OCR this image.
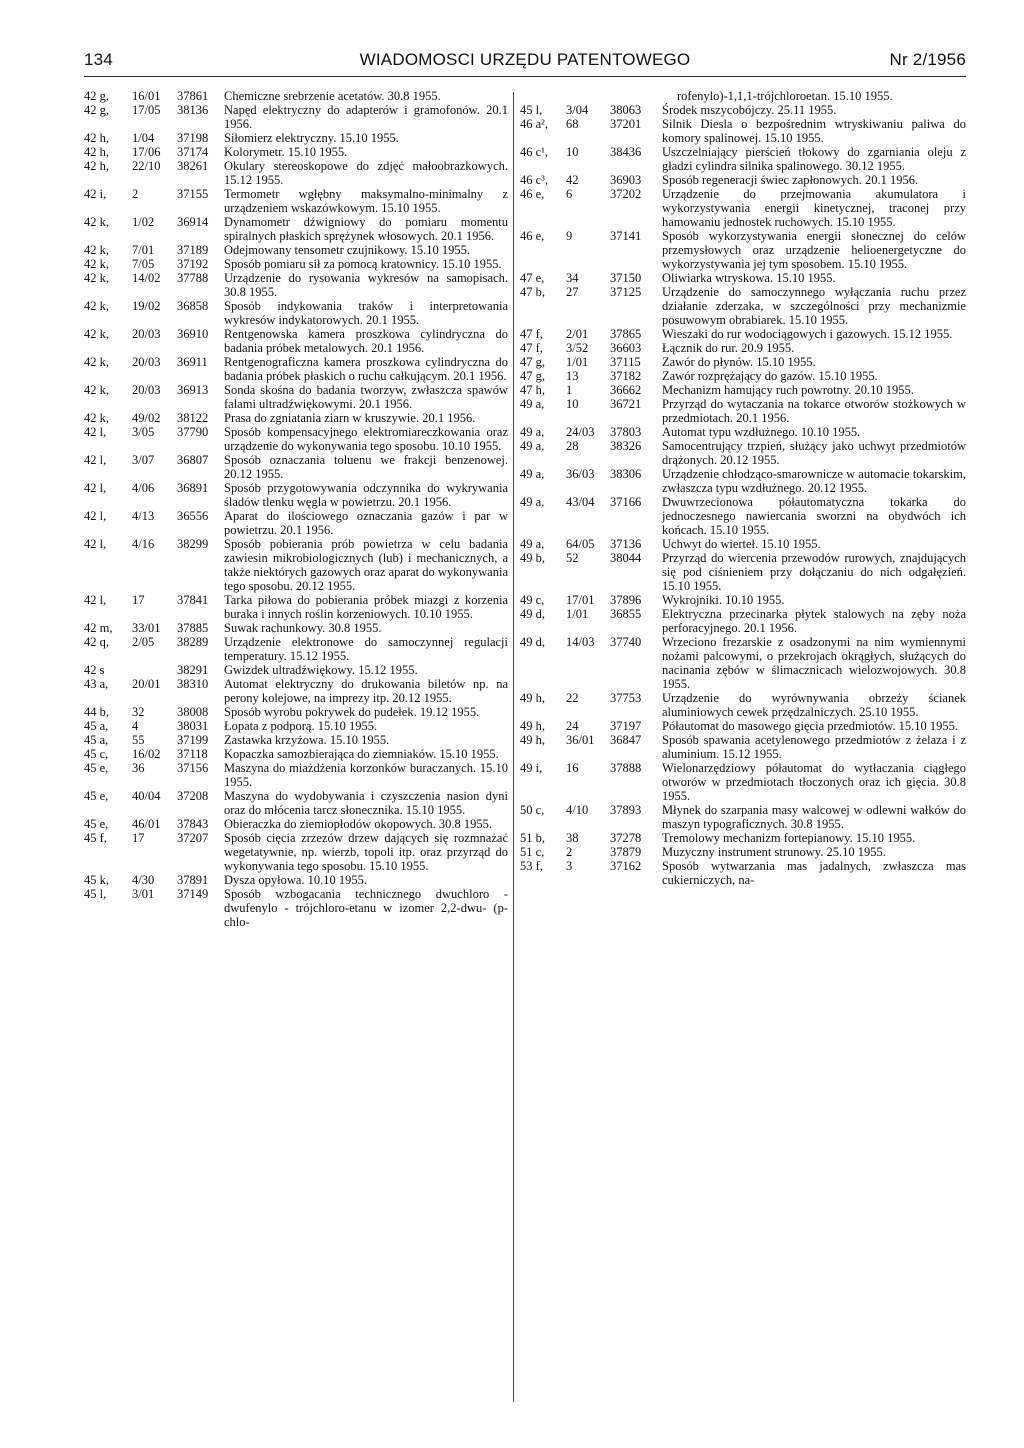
134	WIADOMOSCI URZĘDU PATENTOWEGO	Nr 2/1956
42 g,	16/01	37861	Chemiczne srebrzenie acetatów. 30.8 1955.
42 g,	17/05	38136	Napęd elektryczny do adapterów i gramofonów. 20.1 1956.
42 h,	1/04	37198	Siłomierz elektryczny. 15.10 1955.
42 h,	17/06	37174	Kolorymetr. 15.10 1955.
42 h,	22/10	38261	Okulary stereoskopowe do zdjęć małoobrazkowych. 15.12 1955.
42 i,	2	37155	Termometr wgłębny maksymalno-minimalny z urządzeniem wskazówkowym. 15.10 1955.
42 k,	1/02	36914	Dynamometr dźwigniowy do pomiaru momentu spiralnych płaskich sprężynek włosowych. 20.1 1956.
42 k,	7/01	37189	Odejmowany tensometr czujnikowy. 15.10 1955.
42 k,	7/05	37192	Sposób pomiaru sił za pomocą kratownicy. 15.10 1955.
42 k,	14/02	37788	Urządzenie do rysowania wykresów na samopisach. 30.8 1955.
42 k,	19/02	36858	Sposób indykowania traków i interpretowania wykresów indykatorowych. 20.1 1955.
42 k,	20/03	36910	Rentgenowska kamera proszkowa cylindryczna do badania próbek metalowych. 20.1 1956.
42 k,	20/03	36911	Rentgenograficzna kamera proszkowa cylindryczna do badania próbek płaskich o ruchu całkującym. 20.1 1956.
42 k,	20/03	36913	Sonda skośna do badania tworzyw, zwłaszcza spawów falami ultradźwiękowymi. 20.1 1956.
42 k,	49/02	38122	Prasa do zgniatania ziarn w kruszywie. 20.1 1956.
42 l,	3/05	37790	Sposób kompensacyjnego elektromiareczkowania oraz urządzenie do wykonywania tego sposobu. 10.10 1955.
42 l,	3/07	36807	Sposób oznaczania toluenu we frakcji benzenowej. 20.12 1955.
42 l,	4/06	36891	Sposób przygotowywania odczynnika do wykrywania śladów tlenku węgla w powietrzu. 20.1 1956.
42 l,	4/13	36556	Aparat do ilościowego oznaczania gazów i par w powietrzu. 20.1 1956.
42 l,	4/16	38299	Sposób pobierania prób powietrza w celu badania zawiesin mikrobiologicznych (lub) i mechanicznych, a także niektórych gazowych oraz aparat do wykonywania tego sposobu. 20.12 1955.
42 l,	17	37841	Tarka piłowa do pobierania próbek miazgi z korzenia buraka i innych roślin korzeniowych. 10.10 1955.
42 m,	33/01	37885	Suwak rachunkowy. 30.8 1955.
42 q,	2/05	38289	Urządzenie elektronowe do samoczynnej regulacji temperatury. 15.12 1955.
42 s	38291	Gwizdek ultradźwiękowy. 15.12 1955.
43 a,	20/01	38310	Automat elektryczny do drukowania biletów np. na perony kolejowe, na imprezy itp. 20.12 1955.
44 b,	32	38008	Sposób wyrobu pokrywek do pudełek. 19.12 1955.
45 a,	4	38031	Łopata z podporą. 15.10 1955.
45 a,	55	37199	Zastawka krzyżowa. 15.10 1955.
45 c,	16/02	37118	Kopaczka samozbierająca do ziemniaków. 15.10 1955.
45 e,	36	37156	Maszyna do miażdżenia korzonków buraczanych. 15.10 1955.
45 e,	40/04	37208	Maszyna do wydobywania i czyszczenia nasion dyni oraz do młócenia tarcz słonecznika. 15.10 1955.
45 e,	46/01	37843	Obieraczka do ziemiopłodów okopowych. 30.8 1955.
45 f,	17	37207	Sposób cięcia zrzezów drzew dających się rozmnażać wegetatywnie, np. wierzb, topoli itp. oraz przyrząd do wykonywania tego sposobu. 15.10 1955.
45 k,	4/30	37891	Dysza opyłowa. 10.10 1955.
45 l,	3/01	37149	Sposób wzbogacania technicznego dwuchloro - dwufenylo - trójchloro-etanu w izomer 2,2-dwu- (p-chlo-
rofenylo)-1,1,1-trójchloroetan. 15.10 1955.
45 l,	3/04	38063	Środek mszycobójczy. 25.11 1955.
46 a²,	68	37201	Silnik Diesla o bezpośrednim wtryskiwaniu paliwa do komory spalinowej. 15.10 1955.
46 c¹,	10	38436	Uszczelniający pierścień tłokowy do zgarniania oleju z gładzi cylindra silnika spalinowego. 30.12 1955.
46 c³,	42	36903	Sposób regeneracji świec zapłonowych. 20.1 1956.
46 e,	6	37202	Urządzenie do przejmowania akumulatora i wykorzystywania energii kinetycznej, traconej przy hamowaniu jednostek ruchowych. 15.10 1955.
46 e,	9	37141	Sposób wykorzystywania energii słonecznej do celów przemysłowych oraz urządzenie helioenergetyczne do wykorzystywania jej tym sposobem. 15.10 1955.
47 e,	34	37150	Oliwiarka wtryskowa. 15.10 1955.
47 b,	27	37125	Urządzenie do samoczynnego wyłączania ruchu przez działanie zderzaka, w szczególności przy mechanizmie posuwowym obrabiarek. 15.10 1955.
47 f,	2/01	37865	Wieszaki do rur wodociągowych i gazowych. 15.12 1955.
47 f,	3/52	36603	Łącznik do rur. 20.9 1955.
47 g,	1/01	37115	Zawór do płynów. 15.10 1955.
47 g,	13	37182	Zawór rozprężający do gazów. 15.10 1955.
47 h,	1	36662	Mechanizm hamujący ruch powrotny. 20.10 1955.
49 a,	10	36721	Przyrząd do wytaczania na tokarce otworów stożkowych w przedmiotach. 20.1 1956.
49 a,	24/03	37803	Automat typu wzdłużnego. 10.10 1955.
49 a,	28	38326	Samocentrujący trzpień, służący jako uchwyt przedmiotów drążonych. 20.12 1955.
49 a,	36/03	38306	Urządzenie chłodząco-smarownicze w automacie tokarskim, zwłaszcza typu wzdłużnego. 20.12 1955.
49 a,	43/04	37166	Dwuwrzecionowa półautomatyczna tokarka do jednoczesnego nawiercania sworzni na obydwóch ich końcach. 15.10 1955.
49 a,	64/05	37136	Uchwyt do wierteł. 15.10 1955.
49 b,	52	38044	Przyrząd do wiercenia przewodów rurowych, znajdujących się pod ciśnieniem przy dołączaniu do nich odgałęzień. 15.10 1955.
49 c,	17/01	37896	Wykrojniki. 10.10 1955.
49 d,	1/01	36855	Elektryczna przecinarka płytek stalowych na zęby noża perforacyjnego. 20.1 1956.
49 d,	14/03	37740	Wrzeciono frezarskie z osadzonymi na nim wymiennymi nożami palcowymi, o przekrojach okrągłych, służących do nacinania zębów w ślimacznicach wielozwojowych. 30.8 1955.
49 h,	22	37753	Urządzenie do wyrównywania obrzeży ścianek aluminiowych cewek przędzalniczych. 25.10 1955.
49 h,	24	37197	Półautomat do masowego gięcia przedmiotów. 15.10 1955.
49 h,	36/01	36847	Sposób spawania acetylenowego przedmiotów z żelaza i z aluminium. 15.12 1955.
49 i,	16	37888	Wielonarzędziowy półautomat do wytłaczania ciągłego otworów w przedmiotach tłoczonych oraz ich gięcia. 30.8 1955.
50 c,	4/10	37893	Młynek do szarpania masy walcowej w odlewni wałków do maszyn typograficznych. 30.8 1955.
51 b,	38	37278	Tremolowy mechanizm fortepianowy. 15.10 1955.
51 c,	2	37879	Muzyczny instrument strunowy. 25.10 1955.
53 f,	3	37162	Sposób wytwarzania mas jadalnych, zwłaszcza mas cukierniczych, na-
